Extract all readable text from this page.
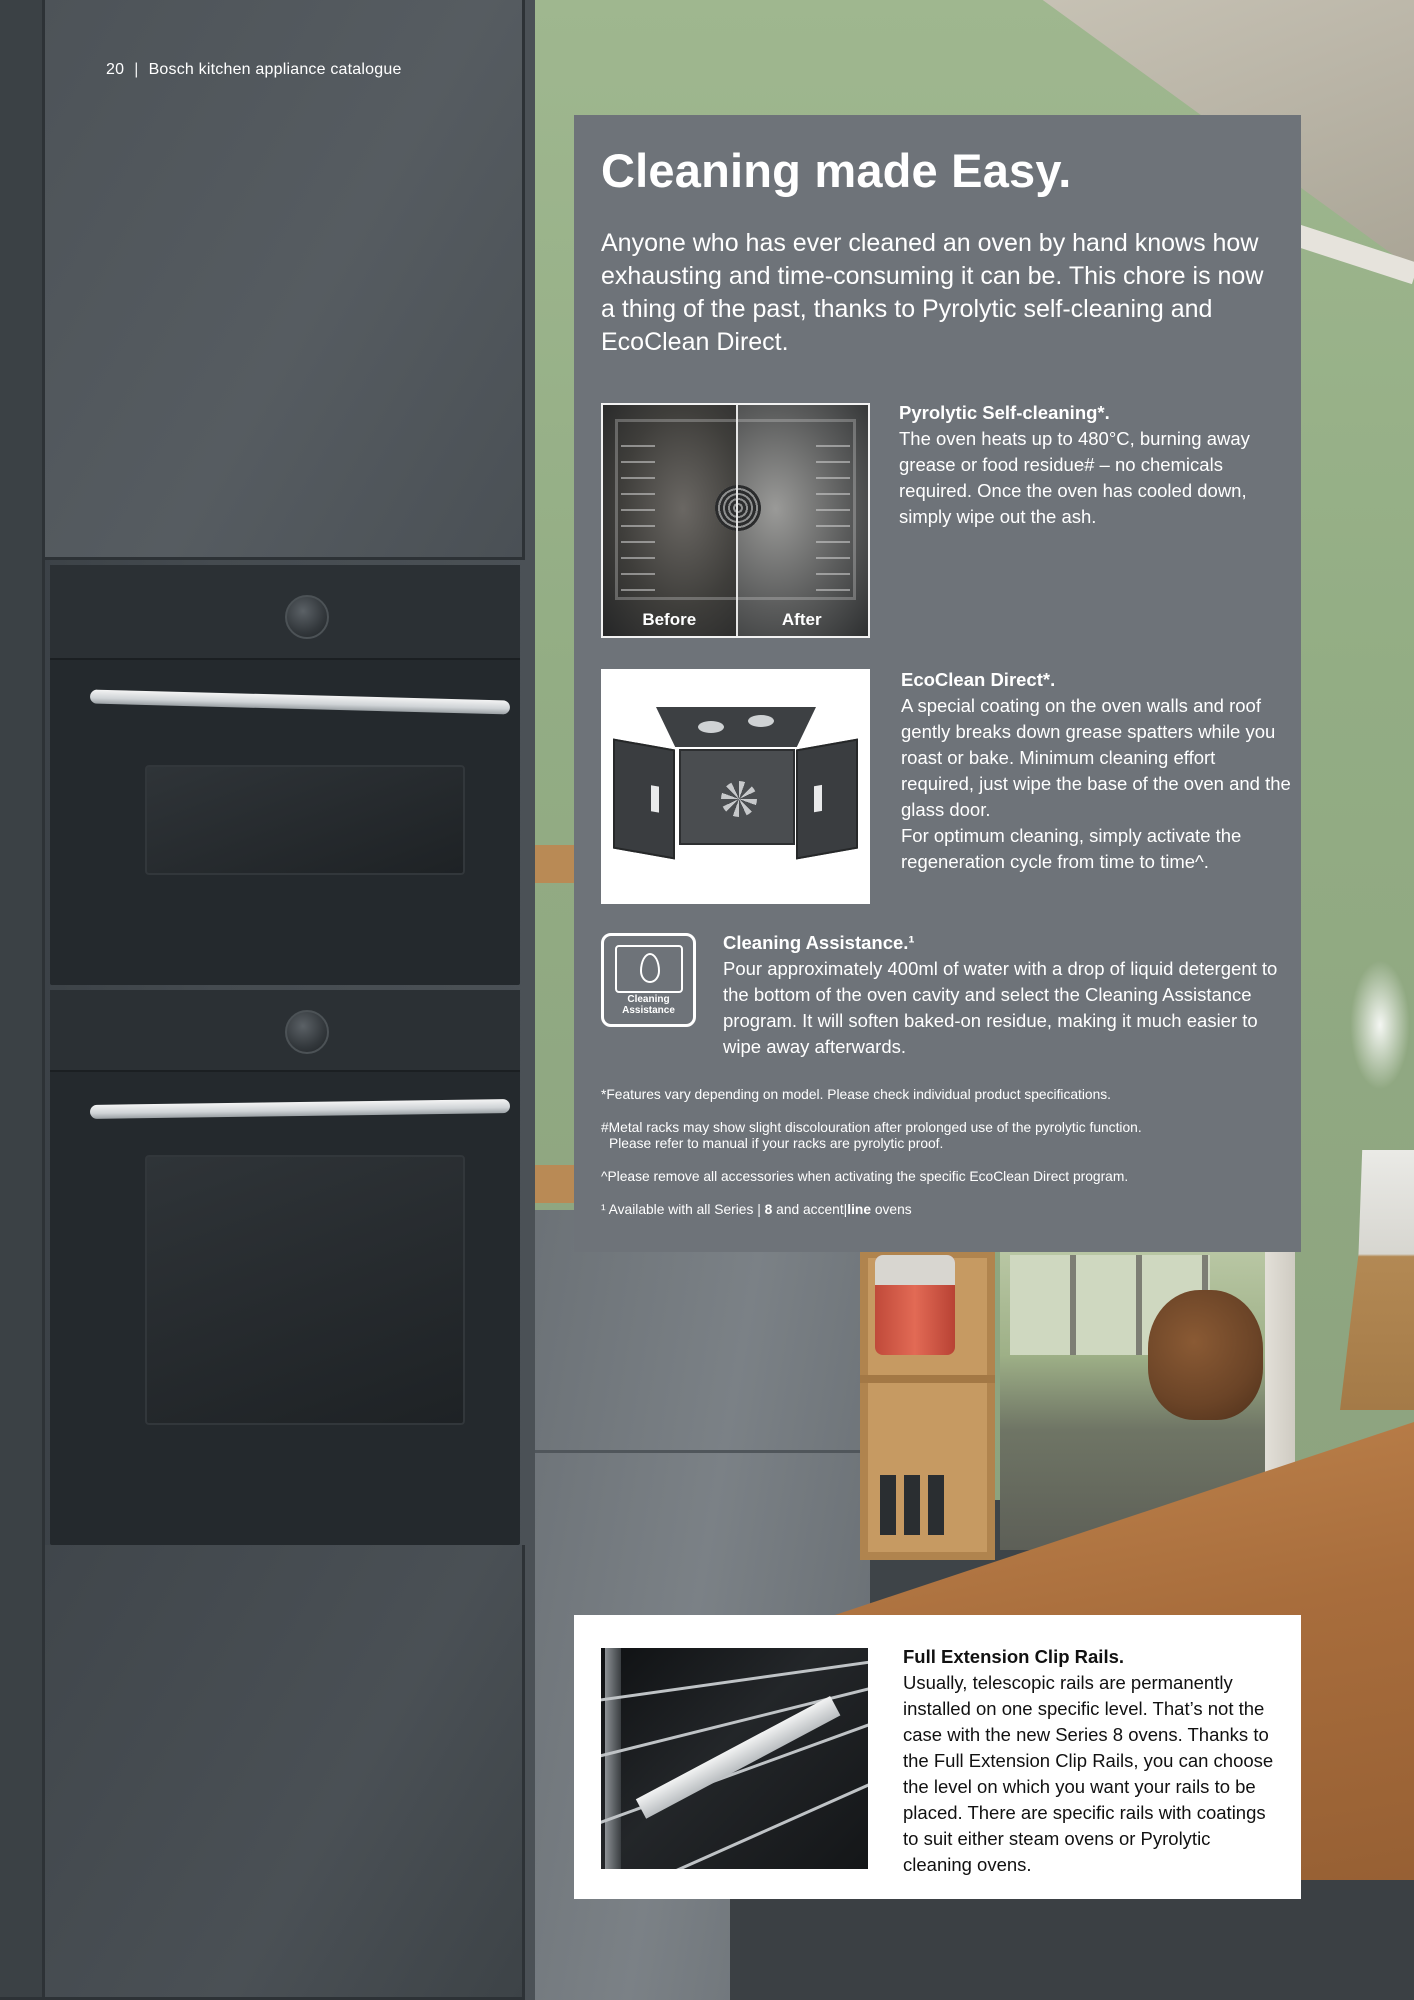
20 | Bosch kitchen appliance catalogue
Cleaning made Easy.

Anyone who has ever cleaned an oven by hand knows how exhausting and time-consuming it can be. This chore is now a thing of the past, thanks to Pyrolytic self-cleaning and EcoClean Direct.

Before	After
Pyrolytic Self-cleaning*.
The oven heats up to 480°C, burning away grease or food residue# – no chemicals required. Once the oven has cooled down, simply wipe out the ash.
EcoClean Direct*.
A special coating on the oven walls and roof gently breaks down grease spatters while you roast or bake. Minimum cleaning effort required, just wipe the base of the oven and the glass door.
For optimum cleaning, simply activate the regeneration cycle from time to time^.
Cleaning
Assistance
Cleaning Assistance.¹
Pour approximately 400ml of water with a drop of liquid detergent to the bottom of the oven cavity and select the Cleaning Assistance program. It will soften baked-on residue, making it much easier to wipe away afterwards.

*Features vary depending on model. Please check individual product specifications.

#Metal racks may show slight discolouration after prolonged use of the pyrolytic function.
Please refer to manual if your racks are pyrolytic proof.

^Please remove all accessories when activating the specific EcoClean Direct program.

¹ Available with all Series | 8 and accent|line ovens

Full Extension Clip Rails.
Usually, telescopic rails are permanently installed on one specific level. That’s not the case with the new Series 8 ovens. Thanks to the Full Extension Clip Rails, you can choose the level on which you want your rails to be placed. There are specific rails with coatings to suit either steam ovens or Pyrolytic cleaning ovens.
